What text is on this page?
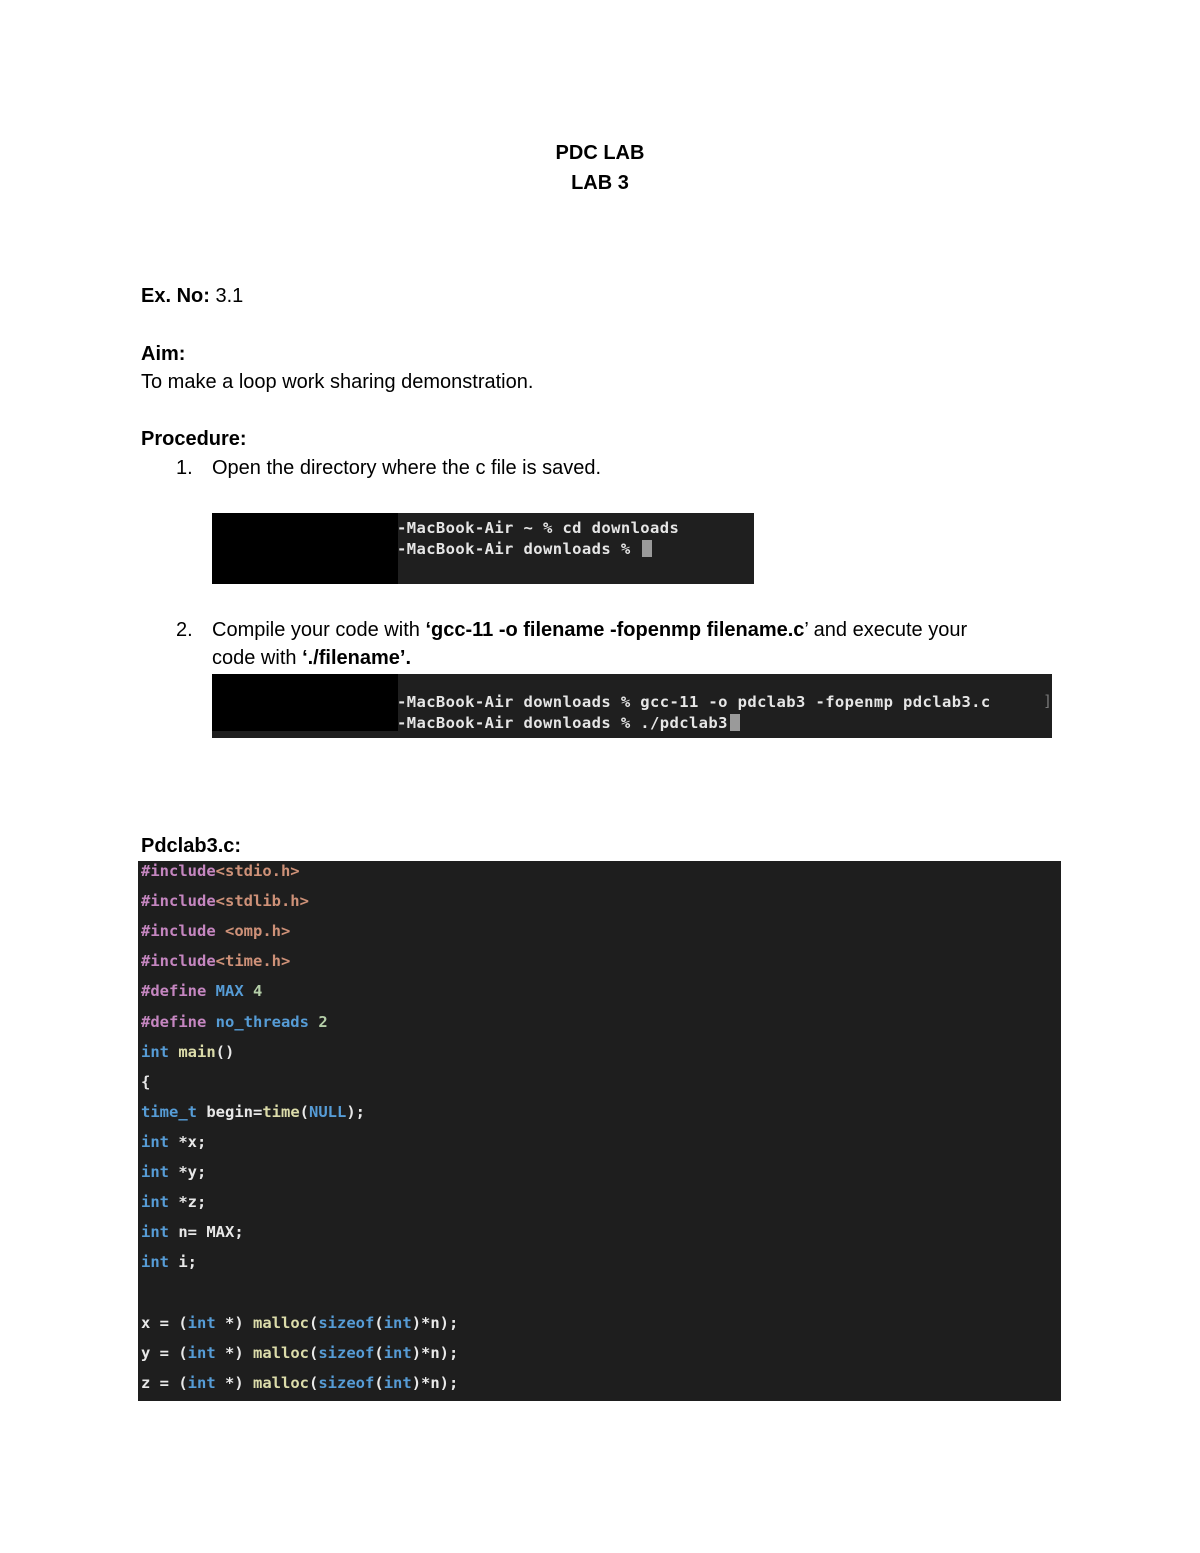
PDC LAB
LAB 3
Ex. No: 3.1
Aim:
To make a loop work sharing demonstration.
Procedure:
1. Open the directory where the c file is saved.
-MacBook-Air ~ % cd downloads
-MacBook-Air downloads %
2. Compile your code with ‘gcc-11 -o filename -fopenmp filename.c’ and execute your
code with ‘./filename’.
-MacBook-Air downloads % gcc-11 -o pdclab3 -fopenmp pdclab3.c
-MacBook-Air downloads % ./pdclab3
]
Pdclab3.c:
#include<stdio.h>
#include<stdlib.h>
#include <omp.h>
#include<time.h>
#define MAX 4
#define no_threads 2
int main()
{
time_t begin=time(NULL);
int *x;
int *y;
int *z;
int n= MAX;
int i;
x = (int *) malloc(sizeof(int)*n);
y = (int *) malloc(sizeof(int)*n);
z = (int *) malloc(sizeof(int)*n);
